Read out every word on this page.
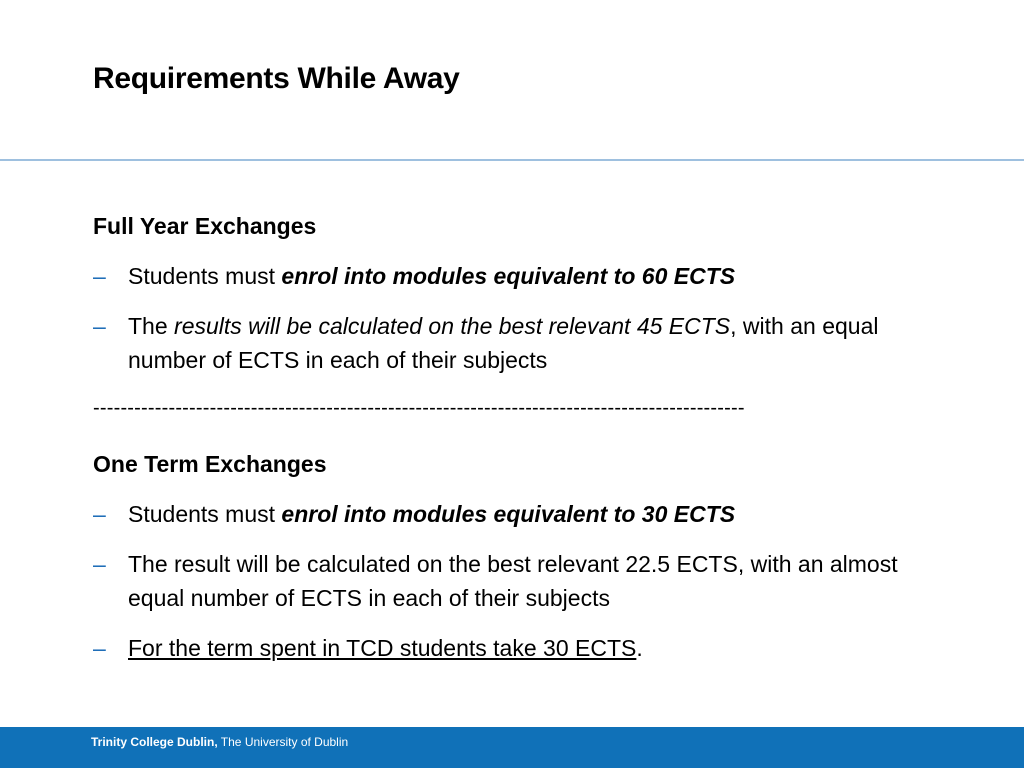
Requirements While Away
Full Year Exchanges
– Students must enrol into modules equivalent to 60 ECTS
– The results will be calculated on the best relevant 45 ECTS, with an equal number of ECTS in each of their subjects
-----------------------------------------------------------------------------------------------
One Term Exchanges
– Students must enrol into modules equivalent to 30 ECTS
– The result will be calculated on the best relevant 22.5 ECTS, with an almost equal number of ECTS in each of their subjects
– For the term spent in TCD students take 30 ECTS.
Trinity College Dublin, The University of Dublin
